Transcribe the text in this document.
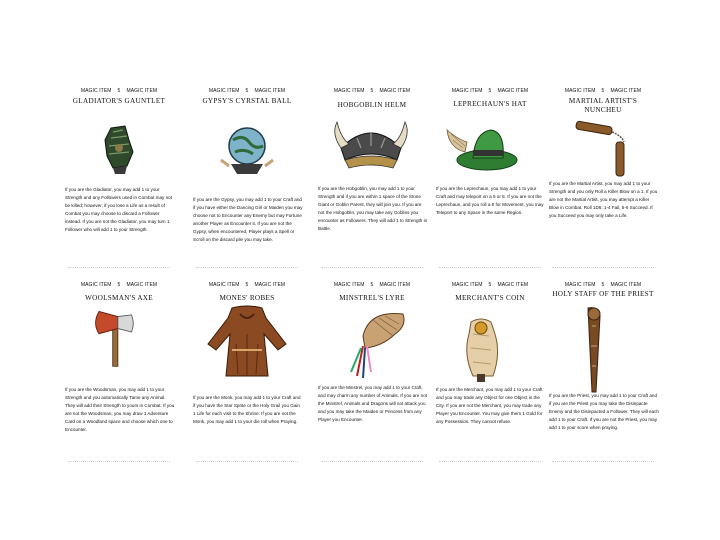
MAGIC ITEM 5 MAGIC ITEM
GLADIATOR'S GAUNTLET
If you are the Gladiator, you may add 1 to your Strength and any Followers used in Combat may not be killed; however, if you lose a Life as a result of Combat you may choose to discard a Follower instead. If you are not the Gladiator, you may turn 1 Follower who will add 1 to your Strength.
MAGIC ITEM 5 MAGIC ITEM
GYPSY'S CYRSTAL BALL
If you are the Gypsy, you may add 1 to your Craft and if you have either the Dancing Girl or Maiden you may choose not to Encounter any Enemy but may Fortune another Player as Encounter it. If you are not the Gypsy, when encountered, Player plays a Spell or Scroll on the discard pile you may take.
MAGIC ITEM 5 MAGIC ITEM
HOBGOBLIN HELM
If you are the Hobgoblin, you may add 1 to your Strength and if you are within 1 space of the Stone Giant or Goblin Parent, they will join you. If you are not the Hobgoblin, you may take any Goblins you encounter as Followers. They will add 1 to Strength in Battle.
MAGIC ITEM 5 MAGIC ITEM
LEPRECHAUN'S HAT
If you are the Leprechaun, you may add 1 to your Craft and may teleport on a 5 or 6. If you are not the Leprechaun, and you roll a 6 for Movement, you may Teleport to any Space in the same Region.
MAGIC ITEM 5 MAGIC ITEM
MARTIAL ARTIST'S NUNCHEU
If you are the Martial Artist, you may add 1 to your Strength and you only Roll a Killer Blow on a 1. If you are not the Martial Artist, you may attempt a Killer Blow in Combat. Roll 1D6: 1-4 Fail, 5-6 Succeed. If you Succeed you may only take a Life.
MAGIC ITEM 5 MAGIC ITEM
WOOLSMAN'S AXE
If you are the Woodsman, you may add 1 to your Strength and you automatically Tame any Animal. They will add their Strength to yours in Combat. If you are not the Woodsman, you may draw 1 Adventure Card on a Woodland space and choose which one to Encounter.
MAGIC ITEM 5 MAGIC ITEM
MONES' ROBES
If you are the Monk, you may add 1 to your Craft and if you have the Star Sprite or the Holy Grail you Gain 1 Life for each visit to the Shrine. If you are not the Monk, you may add 1 to your die roll when Praying.
MAGIC ITEM 5 MAGIC ITEM
MINSTREL'S LYRE
If you are the Minstrel, you may add 1 to your Craft, and may charm any number of Animals. If you are not the Minstrel, Animals and Dragons will not attack you and you may take the Maiden or Princess from any Player you Encounter.
MAGIC ITEM 5 MAGIC ITEM
MERCHANT'S COIN
If you are the Merchant, you may add 1 to your Craft and you may trade any Object for one Object in the City. If you are not the Merchant, you may trade any Player you Encounter. You may give them 1 Gold for any Possession. They cannot refuse.
MAGIC ITEM 5 MAGIC ITEM
HOLY STAFF OF THE PRIEST
If you are the Priest, you may add 1 to your Craft and if you are the Priest you may take the Disinpacte Enemy and the Disinpacted a Follower. They will each add 1 to your Craft. If you are not the Priest, you may add 1 to your score when praying.
